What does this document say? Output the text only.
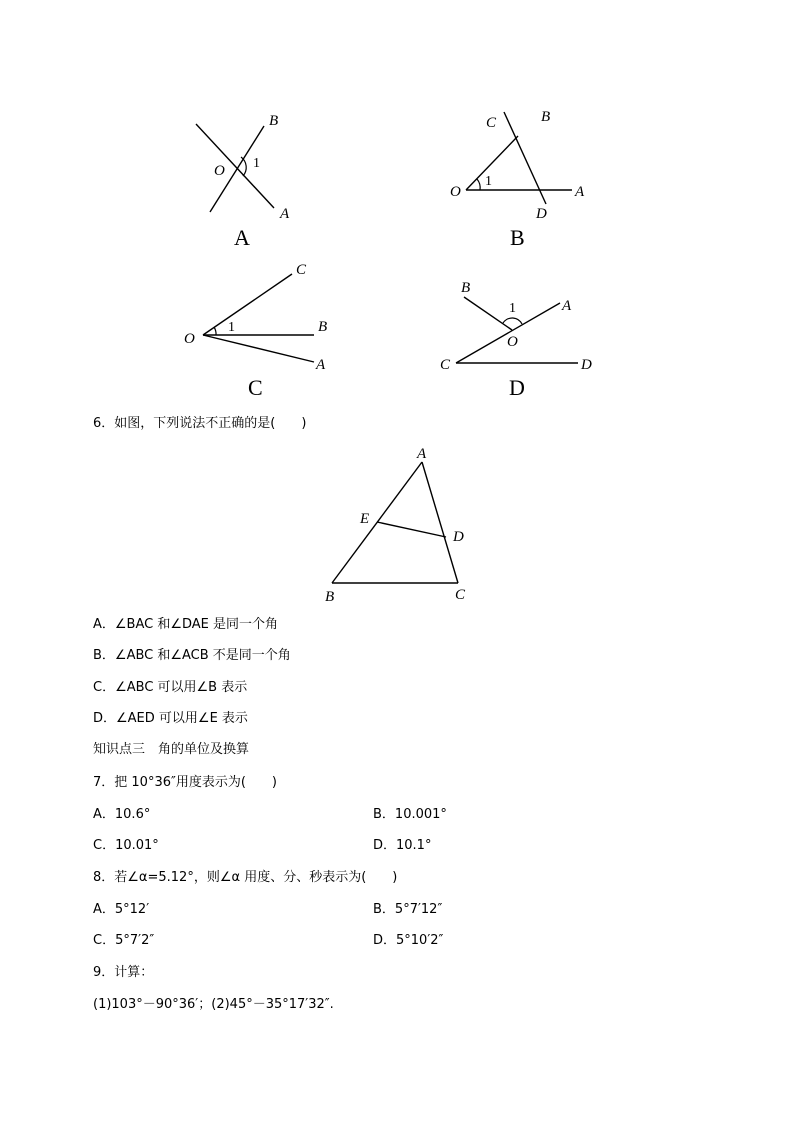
B
O 1
A
A
C	B
O
1
A
D
B
C
O
1	B
A
C
B
1	A
O
C	D
D
6．如图，下列说法不正确的是(　　)
A
E
D
B	C
A．∠BAC 和∠DAE 是同一个角
B．∠ABC 和∠ACB 不是同一个角
C．∠ABC 可以用∠B 表示
D．∠AED 可以用∠E 表示
知识点三　角的单位及换算
7．把 10°36″用度表示为(　　)
A．10.6°	B．10.001°
C．10.01°	D．10.1°
8．若∠α=5.12°，则∠α 用度、分、秒表示为(　　)
A．5°12′	B．5°7′12″
C．5°7′2″	D．5°10′2″
9．计算：
(1)103°－90°36′；(2)45°－35°17′32″.
